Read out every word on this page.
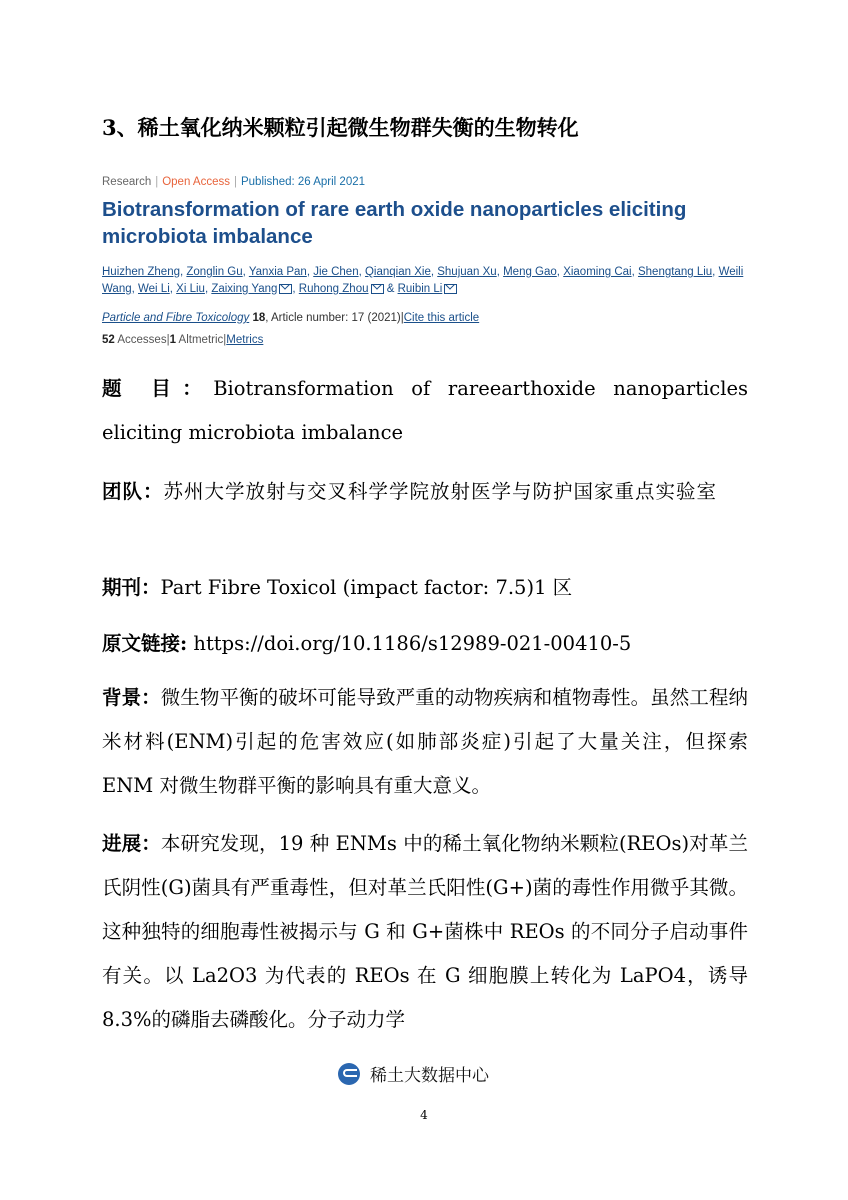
3、稀土氧化纳米颗粒引起微生物群失衡的生物转化
Research | Open Access | Published: 26 April 2021
Biotransformation of rare earth oxide nanoparticles eliciting microbiota imbalance
Huizhen Zheng, Zonglin Gu, Yanxia Pan, Jie Chen, Qianqian Xie, Shujuan Xu, Meng Gao, Xiaoming Cai, Shengtang Liu, Weili Wang, Wei Li, Xi Liu, Zaixing Yang , Ruhong Zhou & Ruibin Li
Particle and Fibre Toxicology 18, Article number: 17 (2021)|Cite this article
52 Accesses|1 Altmetric|Metrics
题 目：Biotransformation of rareearthoxide nanoparticles eliciting microbiota imbalance
团队：苏州大学放射与交叉科学学院放射医学与防护国家重点实验室
期刊：Part Fibre Toxicol (impact factor: 7.5)1 区
原文链接: https://doi.org/10.1186/s12989-021-00410-5
背景：微生物平衡的破坏可能导致严重的动物疾病和植物毒性。虽然工程纳米材料(ENM)引起的危害效应(如肺部炎症)引起了大量关注，但探索 ENM 对微生物群平衡的影响具有重大意义。
进展：本研究发现，19 种 ENMs 中的稀土氧化物纳米颗粒(REOs)对革兰氏阴性(G)菌具有严重毒性，但对革兰氏阳性(G+)菌的毒性作用微乎其微。这种独特的细胞毒性被揭示与 G 和 G+菌株中 REOs 的不同分子启动事件有关。以 La2O3 为代表的 REOs 在 G 细胞膜上转化为 LaPO4，诱导 8.3%的磷脂去磷酸化。分子动力学
稀土大数据中心
4
